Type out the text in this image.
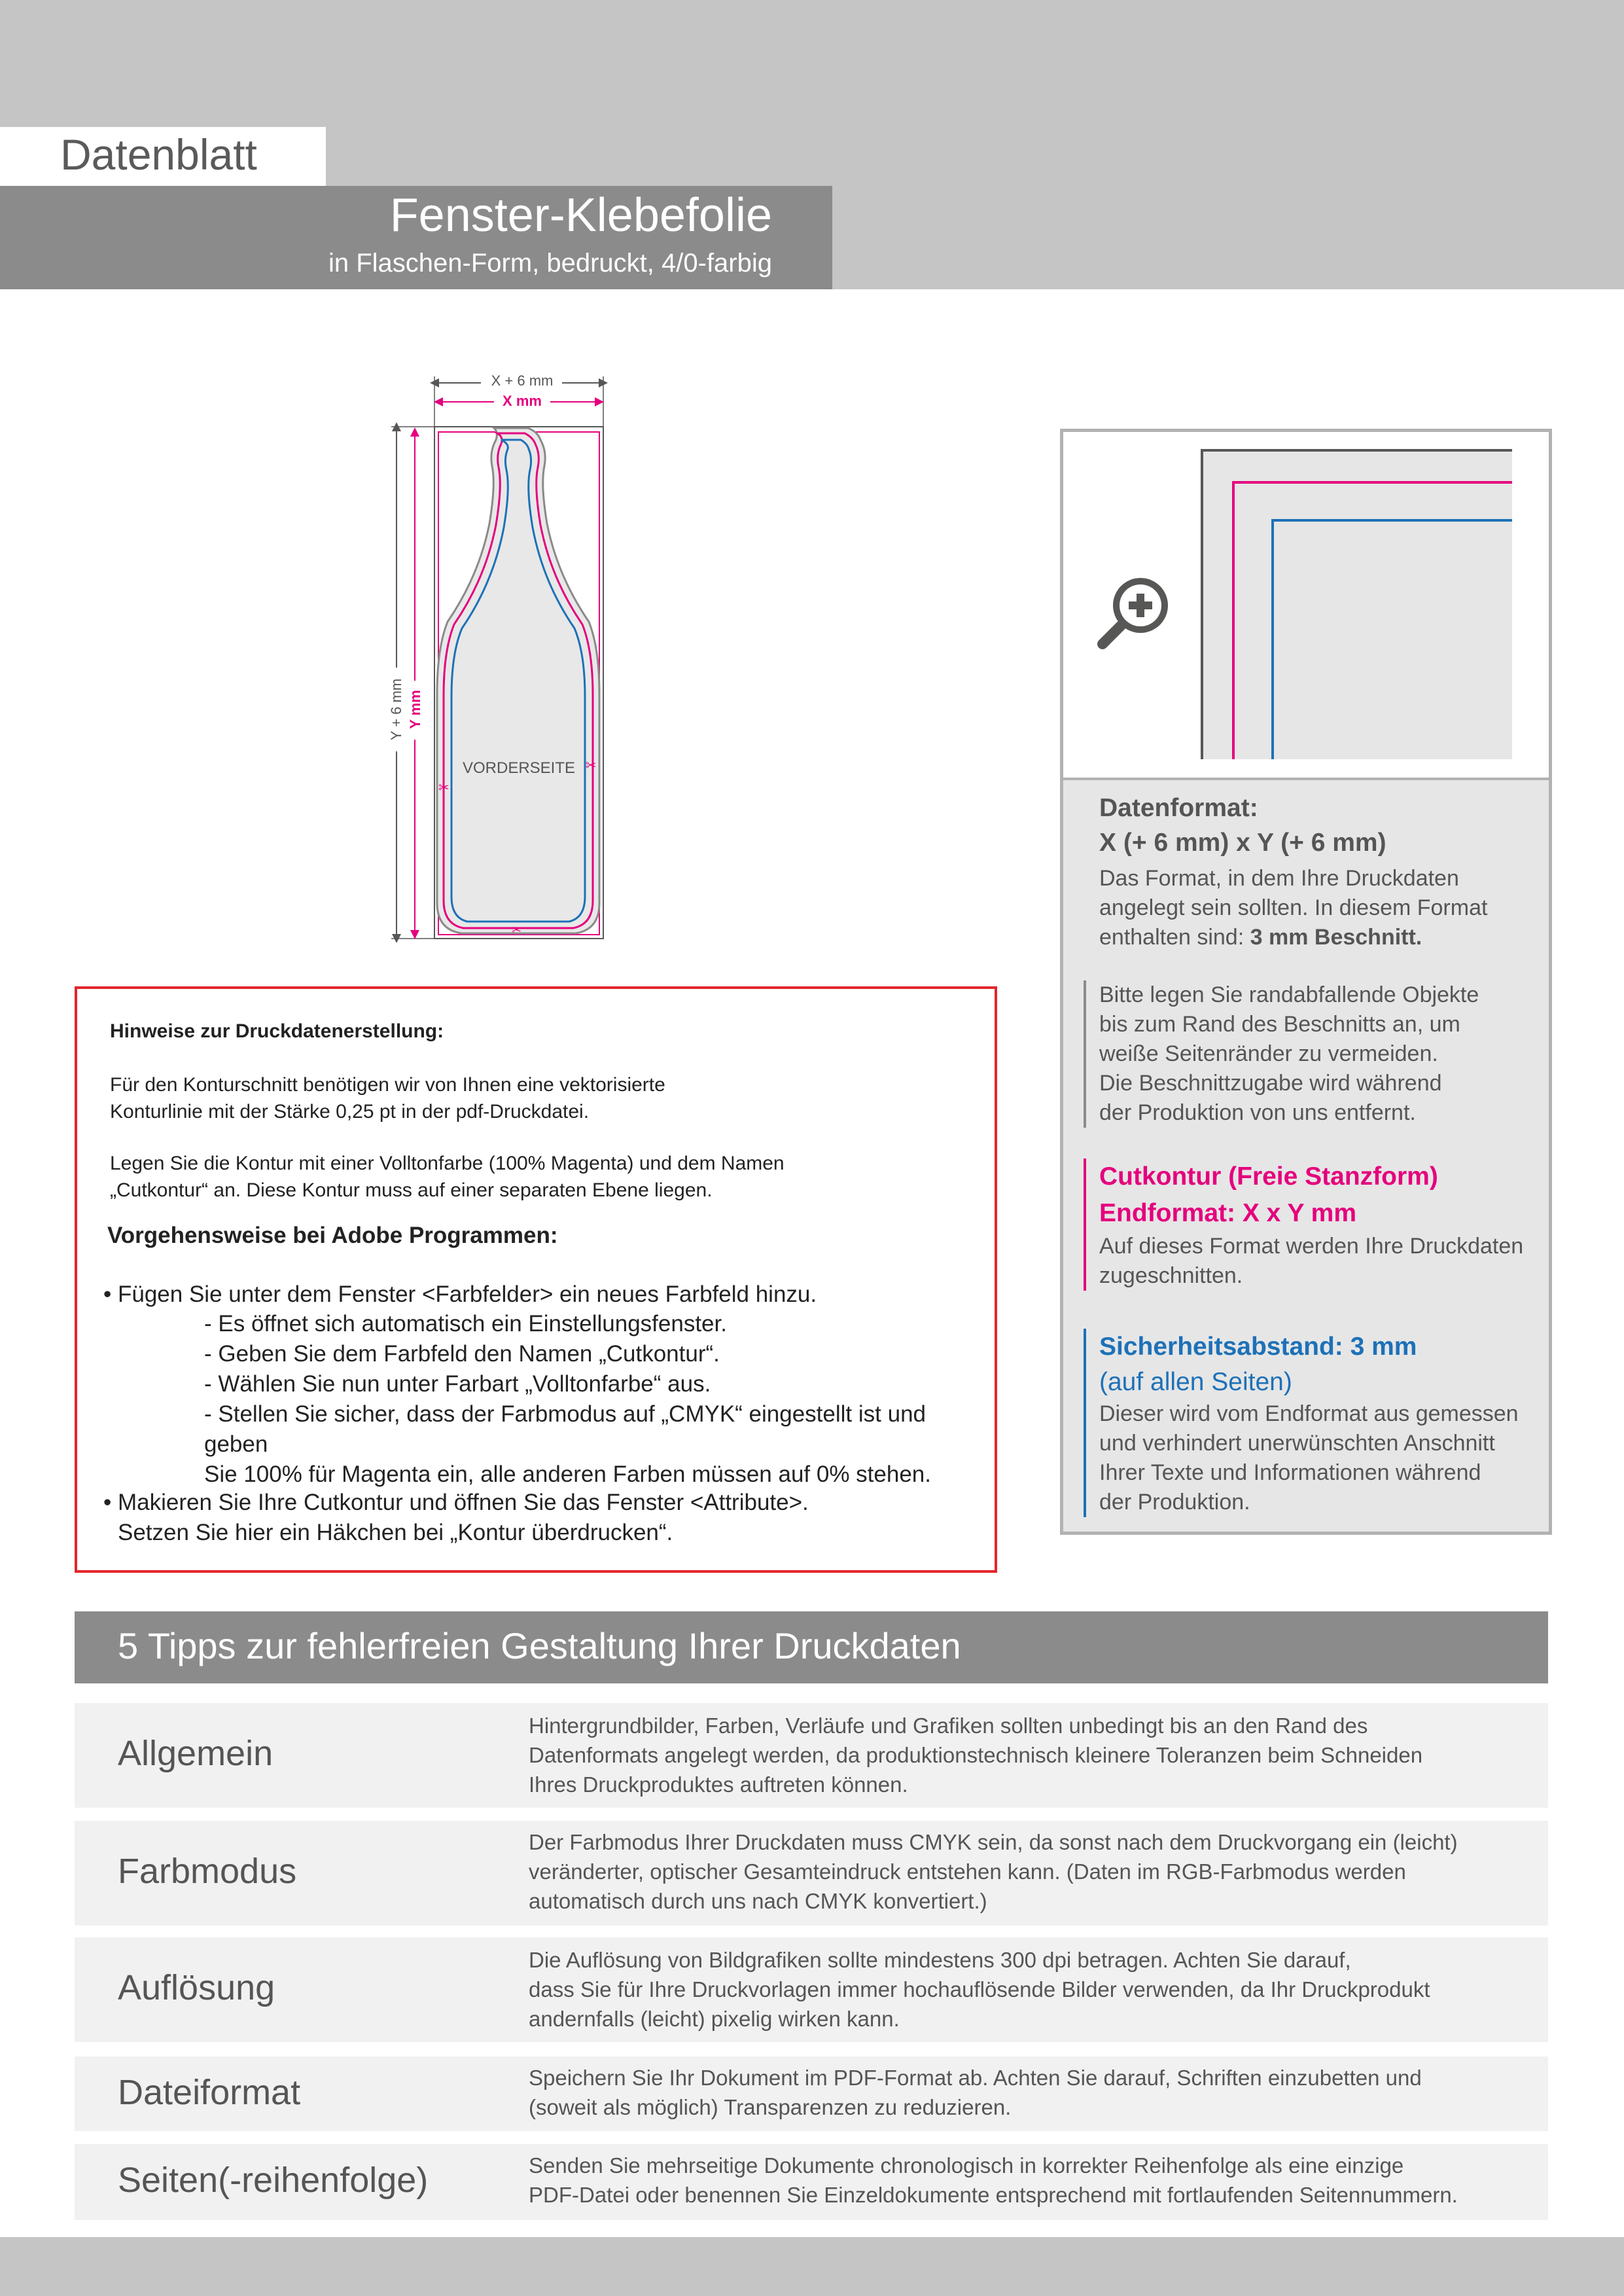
Datenblatt
Fenster-Klebefolie
in Flaschen-Form, bedruckt, 4/0-farbig
X + 6 mm
X mm
Y + 6 mm Y mm
✂
✂
✂
VORDERSEITE
Datenformat:
X (+ 6 mm) x Y (+ 6 mm)
Das Format, in dem Ihre Druckdaten
angelegt sein sollten. In diesem Format
enthalten sind: 3 mm Beschnitt.
Bitte legen Sie randabfallende Objekte
bis zum Rand des Beschnitts an, um
weiße Seitenränder zu vermeiden.
Die Beschnittzugabe wird während
der Produktion von uns entfernt.
Cutkontur (Freie Stanzform)
Endformat: X x Y mm
Auf dieses Format werden Ihre Druckdaten
zugeschnitten.
Sicherheitsabstand: 3 mm
(auf allen Seiten)
Dieser wird vom Endformat aus gemessen
und verhindert unerwünschten Anschnitt
Ihrer Texte und Informationen während
der Produktion.
Hinweise zur Druckdatenerstellung:
Für den Konturschnitt benötigen wir von Ihnen eine vektorisierte
Konturlinie mit der Stärke 0,25 pt in der pdf-Druckdatei.
Legen Sie die Kontur mit einer Volltonfarbe (100% Magenta) und dem Namen
„Cutkontur“ an. Diese Kontur muss auf einer separaten Ebene liegen.
Vorgehensweise bei Adobe Programmen:
• Fügen Sie unter dem Fenster <Farbfelder> ein neues Farbfeld hinzu.
- Es öffnet sich automatisch ein Einstellungsfenster.
- Geben Sie dem Farbfeld den Namen „Cutkontur“.
- Wählen Sie nun unter Farbart „Volltonfarbe“ aus.
- Stellen Sie sicher, dass der Farbmodus auf „CMYK“ eingestellt ist und geben
Sie 100% für Magenta ein, alle anderen Farben müssen auf 0% stehen.
• Makieren Sie Ihre Cutkontur und öffnen Sie das Fenster <Attribute>.
Setzen Sie hier ein Häkchen bei „Kontur überdrucken“.
5 Tipps zur fehlerfreien Gestaltung Ihrer Druckdaten
Allgemein
Hintergrundbilder, Farben, Verläufe und Grafiken sollten unbedingt bis an den Rand des
Datenformats angelegt werden, da produktionstechnisch kleinere Toleranzen beim Schneiden
Ihres Druckproduktes auftreten können.
Farbmodus
Der Farbmodus Ihrer Druckdaten muss CMYK sein, da sonst nach dem Druckvorgang ein (leicht)
veränderter, optischer Gesamteindruck entstehen kann. (Daten im RGB-Farbmodus werden
automatisch durch uns nach CMYK konvertiert.)
Auflösung
Die Auflösung von Bildgrafiken sollte mindestens 300 dpi betragen. Achten Sie darauf,
dass Sie für Ihre Druckvorlagen immer hochauflösende Bilder verwenden, da Ihr Druckprodukt
andernfalls (leicht) pixelig wirken kann.
Dateiformat	Speichern Sie Ihr Dokument im PDF-Format ab. Achten Sie darauf, Schriften einzubetten und
(soweit als möglich) Transparenzen zu reduzieren.
Seiten(-reihenfolge)	Senden Sie mehrseitige Dokumente chronologisch in korrekter Reihenfolge als eine einzige
PDF-Datei oder benennen Sie Einzeldokumente entsprechend mit fortlaufenden Seitennummern.
